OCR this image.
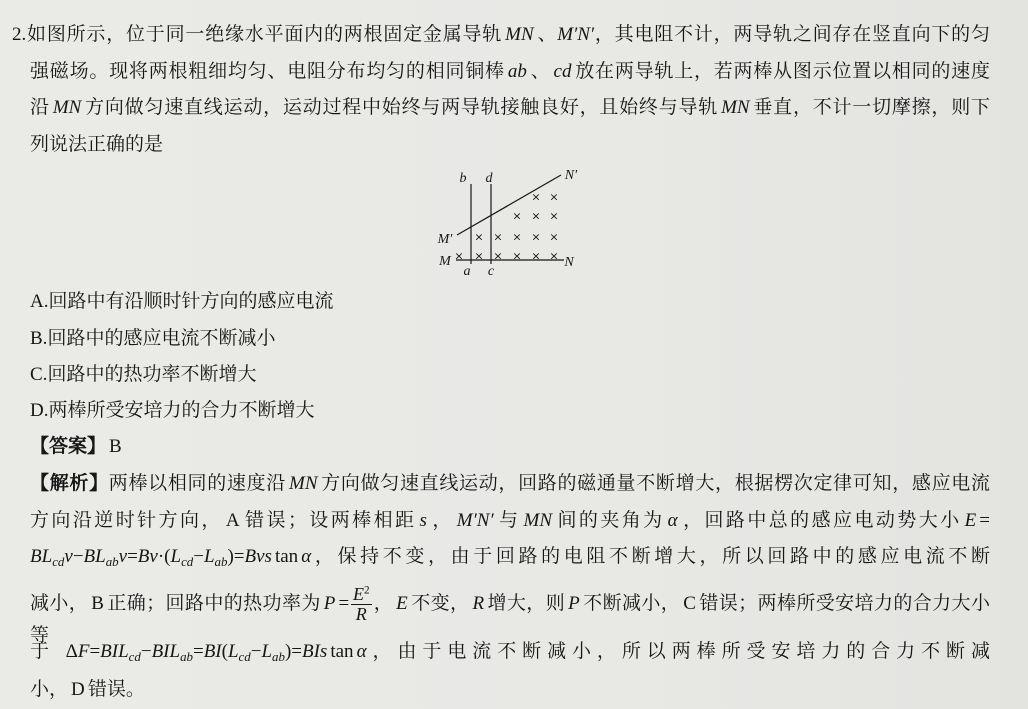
2.如图所示，位于同一绝缘水平面内的两根固定金属导轨 MN 、M′N′，其电阻不计，两导轨之间存在竖直向下的匀
强磁场。现将两根粗细均匀、电阻分布均匀的相同铜棒 ab 、 cd 放在两导轨上，若两棒从图示位置以相同的速度
沿 MN 方向做匀速直线运动，运动过程中始终与两导轨接触良好，且始终与导轨 MN 垂直，不计一切摩擦，则下
列说法正确的是
× ×
× × ×
× × × × ×
× × × × × ×
b d	N′
M′
M	N
a c
A.回路中有沿顺时针方向的感应电流
B.回路中的感应电流不断减小
C.回路中的热功率不断增大
D.两棒所受安培力的合力不断增大
【答案】 B
【解析】两棒以相同的速度沿 MN 方向做匀速直线运动，回路的磁通量不断增大，根据楞次定律可知，感应电流
方向沿逆时针方向， A 错误；设两棒相距 s ， M′N′ 与 MN 间的夹角为 α ，回路中总的感应电动势大小 E =
$BL_{cd}v-BL_{ab}v=Bv\cdot(L_{cd}-L_{ab})=Bvs$ tan α，保持不变，由于回路的电阻不断增大，所以回路中的感应电流不断
减小， B 正确；回路中的热功率为 $P = \frac{E^2}{R}$ ， E 不变， R 增大，则 P 不断减小， C 错误；两棒所受安培力的合力大小等
于 $\Delta F=BIL_{cd}-BIL_{ab}=BI(L_{cd}-L_{ab})=BIs$ tan α，由于电流不断减小，所以两棒所受安培力的合力不断减
小， D 错误。
